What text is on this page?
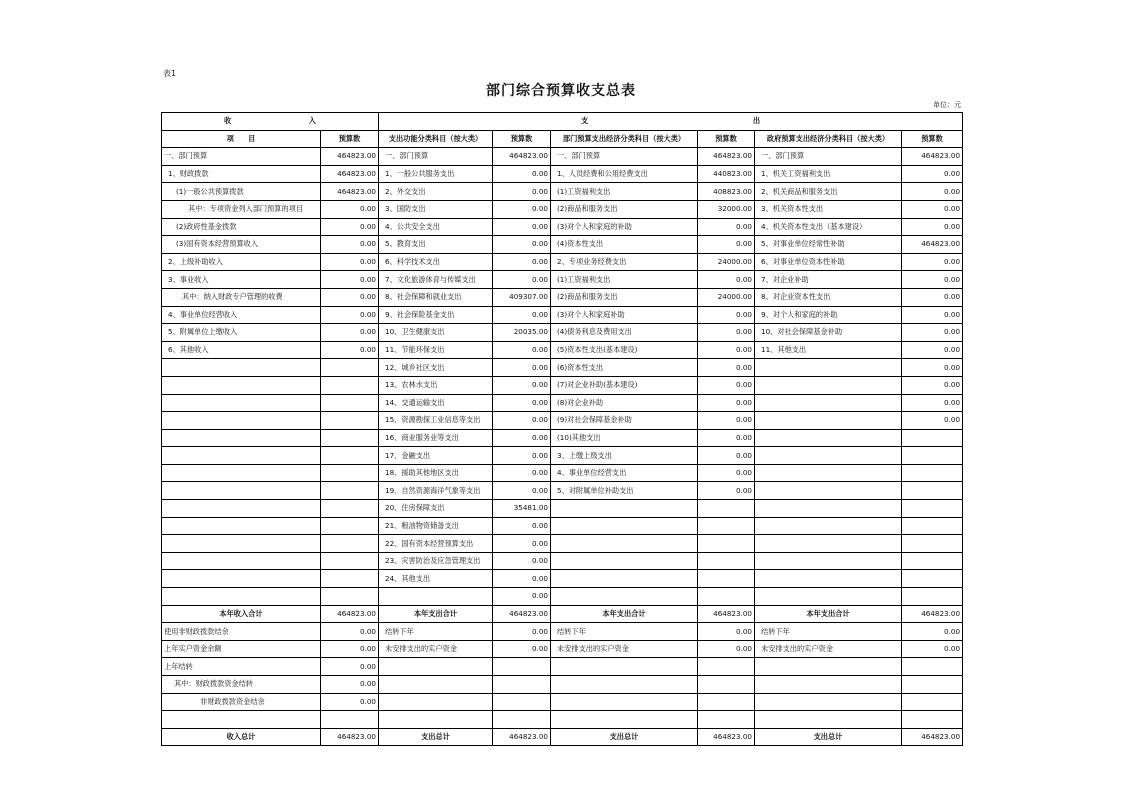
表1
部门综合预算收支总表
单位：元
收 入		支 出					

项　　目	预算数	支出功能分类科目（按大类）	预算数	部门预算支出经济分类科目（按大类）	预算数	政府预算支出经济分类科目（按大类）	预算数
一、部门预算	464823.00	一、部门预算	464823.00	一、部门预算	464823.00	一、部门预算	464823.00
1、财政拨款	464823.00	1、一般公共服务支出	0.00	1、人员经费和公用经费支出	440823.00	1、机关工资福利支出	0.00
(1)一般公共预算拨款	464823.00	2、外交支出	0.00	(1)工资福利支出	408823.00	2、机关商品和服务支出	0.00
其中：专项资金列入部门预算的项目	0.00	3、国防支出	0.00	(2)商品和服务支出	32000.00	3、机关资本性支出	0.00
(2)政府性基金拨款	0.00	4、公共安全支出	0.00	(3)对个人和家庭的补助	0.00	4、机关资本性支出（基本建设）	0.00
(3)国有资本经营预算收入	0.00	5、教育支出	0.00	(4)资本性支出	0.00	5、对事业单位经常性补助	464823.00
2、上级补助收入	0.00	6、科学技术支出	0.00	2、专项业务经费支出	24000.00	6、对事业单位资本性补助	0.00
3、事业收入	0.00	7、文化旅游体育与传媒支出	0.00	(1)工资福利支出	0.00	7、对企业补助	0.00
其中：纳入财政专户管理的收费	0.00	8、社会保障和就业支出	409307.00	(2)商品和服务支出	24000.00	8、对企业资本性支出	0.00
4、事业单位经营收入	0.00	9、社会保险基金支出	0.00	(3)对个人和家庭补助	0.00	9、对个人和家庭的补助	0.00
5、附属单位上缴收入	0.00	10、卫生健康支出	20035.00	(4)债务利息及费用支出	0.00	10、对社会保障基金补助	0.00
6、其他收入	0.00	11、节能环保支出	0.00	(5)资本性支出(基本建设)	0.00	11、其他支出	0.00
		12、城乡社区支出	0.00	(6)资本性支出	0.00		0.00
		13、农林水支出	0.00	(7)对企业补助(基本建设)	0.00		0.00
		14、交通运输支出	0.00	(8)对企业补助	0.00		0.00
		15、资源勘探工业信息等支出	0.00	(9)对社会保障基金补助	0.00		0.00
		16、商业服务业等支出	0.00	(10)其他支出	0.00		
		17、金融支出	0.00	3、上缴上级支出	0.00		
		18、援助其他地区支出	0.00	4、事业单位经营支出	0.00		
		19、自然资源海洋气象等支出	0.00	5、对附属单位补助支出	0.00		
		20、住房保障支出	35481.00				
		21、粮油物资储备支出	0.00				
		22、国有资本经营预算支出	0.00				
		23、灾害防治及应急管理支出	0.00				
		24、其他支出	0.00				
			0.00				
本年收入合计	464823.00	本年支出合计	464823.00	本年支出合计	464823.00	本年支出合计	464823.00
使用非财政拨款结余	0.00	结转下年	0.00	结转下年	0.00	结转下年	0.00
上年实户资金余额	0.00	未安排支出的实户资金	0.00	未安排支出的实户资金	0.00	未安排支出的实户资金	0.00
上年结转	0.00						
其中：财政拨款资金结转	0.00						
非财政拨款资金结余	0.00						

收入总计	464823.00	支出总计	464823.00	支出总计	464823.00	支出总计	464823.00
